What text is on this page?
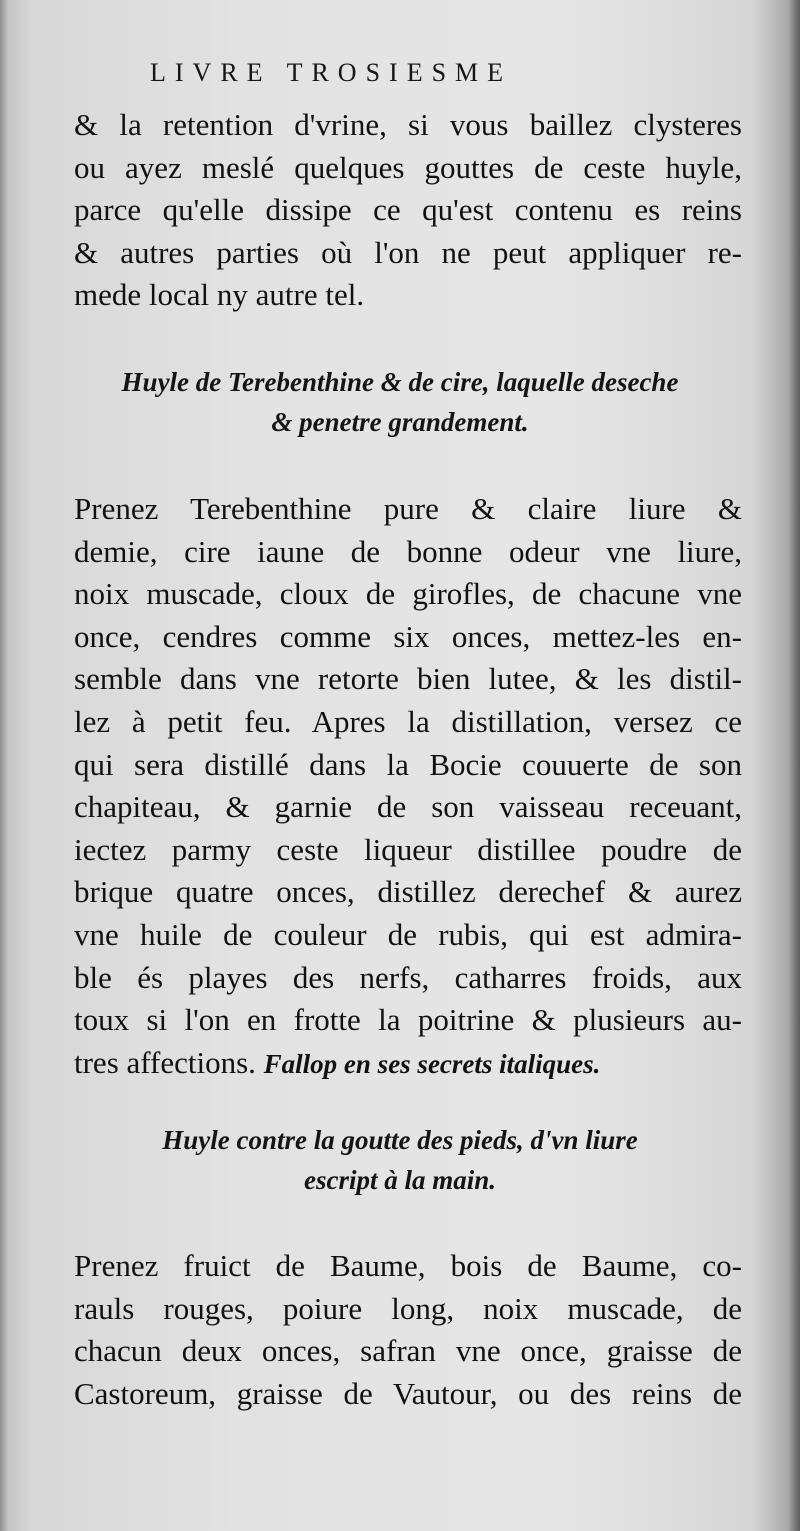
LIVRE TROSIESME
& la retention d'vrine, si vous baillez clysteres
ou ayez meslé quelques gouttes de ceste huyle,
parce qu'elle dissipe ce qu'est contenu es reins
& autres parties où l'on ne peut appliquer re-
mede local ny autre tel.
Huyle de Terebenthine & de cire, laquelle deseche
& penetre grandement.
Prenez Terebenthine pure & claire liure &
demie, cire iaune de bonne odeur vne liure,
noix muscade, cloux de girofles, de chacune vne
once, cendres comme six onces, mettez-les en-
semble dans vne retorte bien lutee, & les distil-
lez à petit feu. Apres la distillation, versez ce
qui sera distillé dans la Bocie couuerte de son
chapiteau, & garnie de son vaisseau receuant,
iectez parmy ceste liqueur distillee poudre de
brique quatre onces, distillez derechef & aurez
vne huile de couleur de rubis, qui est admira-
ble és playes des nerfs, catharres froids, aux
toux si l'on en frotte la poitrine & plusieurs au-
tres affections. Fallop en ses secrets italiques.
Huyle contre la goutte des pieds, d'vn liure
escript à la main.
Prenez fruict de Baume, bois de Baume, co-
rauls rouges, poiure long, noix muscade, de
chacun deux onces, safran vne once, graisse de
Castoreum, graisse de Vautour, ou des reins de
